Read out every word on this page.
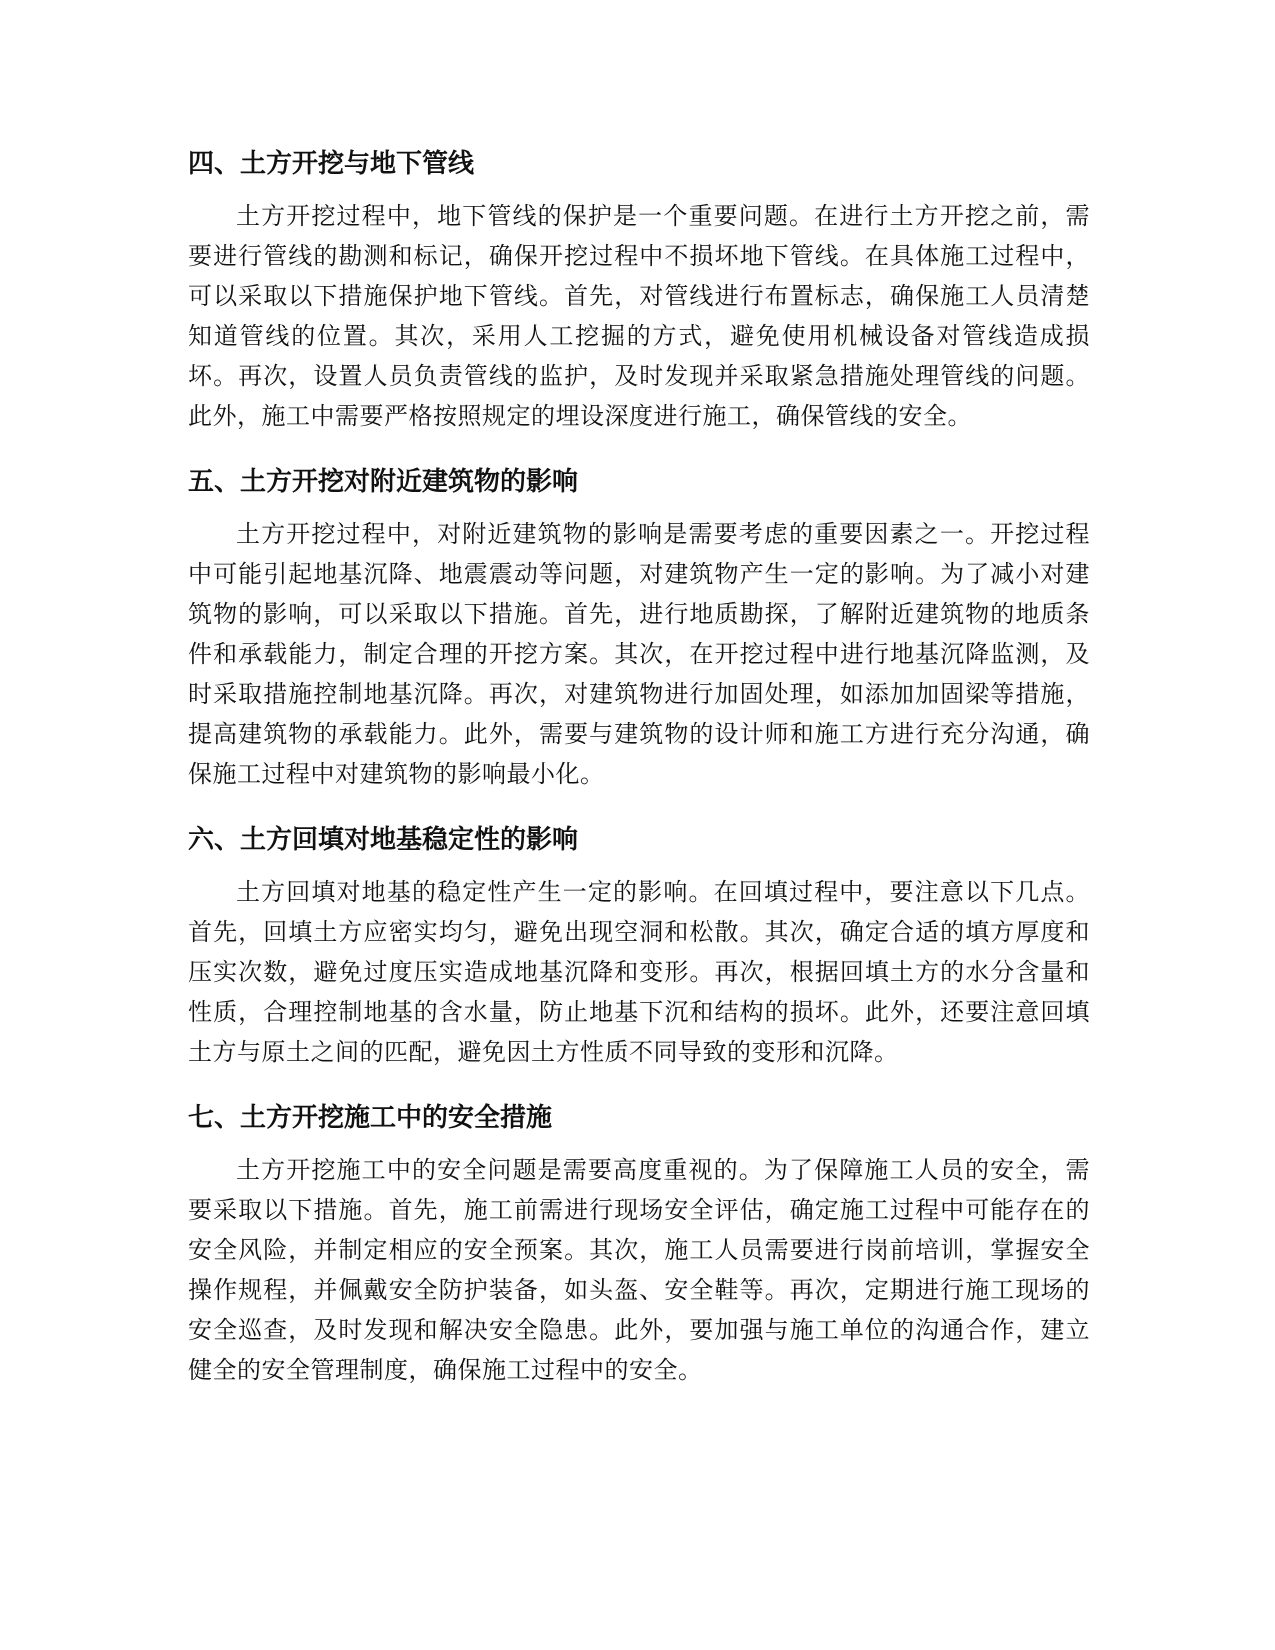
四、土方开挖与地下管线

土方开挖过程中，地下管线的保护是一个重要问题。在进行土方开挖之前，需要进行管线的勘测和标记，确保开挖过程中不损坏地下管线。在具体施工过程中，可以采取以下措施保护地下管线。首先，对管线进行布置标志，确保施工人员清楚知道管线的位置。其次，采用人工挖掘的方式，避免使用机械设备对管线造成损坏。再次，设置人员负责管线的监护，及时发现并采取紧急措施处理管线的问题。此外，施工中需要严格按照规定的埋设深度进行施工，确保管线的安全。

五、土方开挖对附近建筑物的影响

土方开挖过程中，对附近建筑物的影响是需要考虑的重要因素之一。开挖过程中可能引起地基沉降、地震震动等问题，对建筑物产生一定的影响。为了减小对建筑物的影响，可以采取以下措施。首先，进行地质勘探，了解附近建筑物的地质条件和承载能力，制定合理的开挖方案。其次，在开挖过程中进行地基沉降监测，及时采取措施控制地基沉降。再次，对建筑物进行加固处理，如添加加固梁等措施，提高建筑物的承载能力。此外，需要与建筑物的设计师和施工方进行充分沟通，确保施工过程中对建筑物的影响最小化。

六、土方回填对地基稳定性的影响

土方回填对地基的稳定性产生一定的影响。在回填过程中，要注意以下几点。首先，回填土方应密实均匀，避免出现空洞和松散。其次，确定合适的填方厚度和压实次数，避免过度压实造成地基沉降和变形。再次，根据回填土方的水分含量和性质，合理控制地基的含水量，防止地基下沉和结构的损坏。此外，还要注意回填土方与原土之间的匹配，避免因土方性质不同导致的变形和沉降。

七、土方开挖施工中的安全措施

土方开挖施工中的安全问题是需要高度重视的。为了保障施工人员的安全，需要采取以下措施。首先，施工前需进行现场安全评估，确定施工过程中可能存在的安全风险，并制定相应的安全预案。其次，施工人员需要进行岗前培训，掌握安全操作规程，并佩戴安全防护装备，如头盔、安全鞋等。再次，定期进行施工现场的安全巡查，及时发现和解决安全隐患。此外，要加强与施工单位的沟通合作，建立健全的安全管理制度，确保施工过程中的安全。
